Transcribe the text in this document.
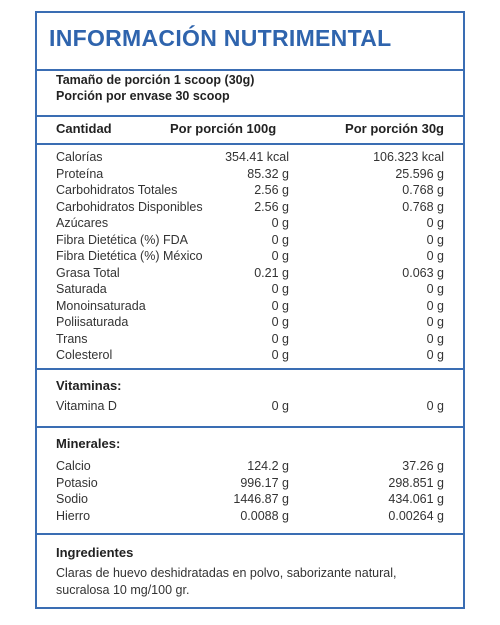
INFORMACIÓN NUTRIMENTAL
Tamaño de porción 1 scoop (30g)
Porción por envase 30 scoop
Cantidad	Por porción 100g	Por porción 30g
Calorías	354.41 kcal	106.323 kcal
Proteína	85.32 g	25.596 g
Carbohidratos Totales	2.56 g	0.768 g
Carbohidratos Disponibles	2.56 g	0.768 g
Azúcares	0 g	0 g
Fibra Dietética (%) FDA	0 g	0 g
Fibra Dietética (%) México	0 g	0 g
Grasa Total	0.21 g	0.063 g
Saturada	0 g	0 g
Monoinsaturada	0 g	0 g
Poliisaturada	0 g	0 g
Trans	0 g	0 g
Colesterol	0 g	0 g
Vitaminas:
Vitamina D	0 g	0 g
Minerales:
Calcio	124.2 g	37.26 g
Potasio	996.17 g	298.851 g
Sodio	1446.87 g	434.061 g
Hierro	0.0088 g	0.00264 g
Ingredientes
Claras de huevo deshidratadas en polvo, saborizante natural, sucralosa 10 mg/100 gr.
